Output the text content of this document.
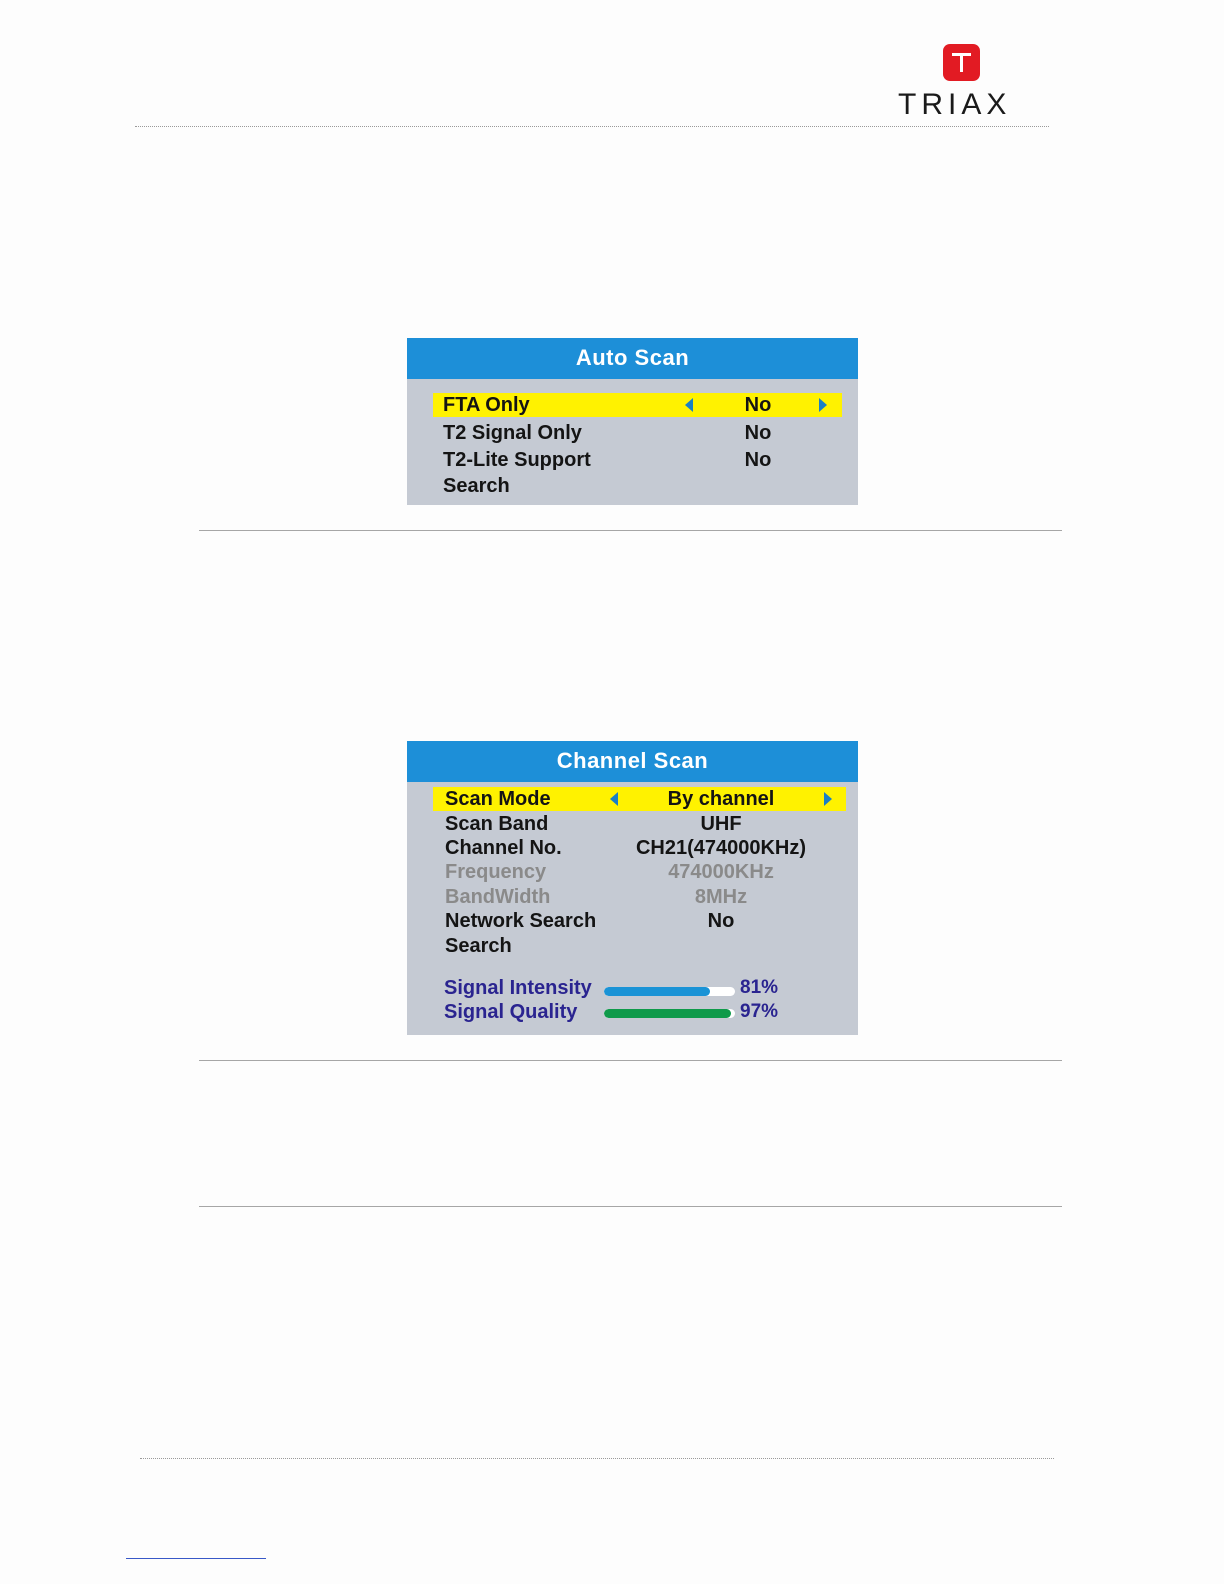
TRIAX
Auto Scan
FTA Only	No
T2 Signal Only	No
T2-Lite Support	No
Search
Channel Scan
Scan Mode	By channel
Scan Band	UHF
Channel No.	CH21(474000KHz)
Frequency	474000KHz
BandWidth	8MHz
Network Search	No
Search
Signal Intensity	81%
Signal Quality	97%
